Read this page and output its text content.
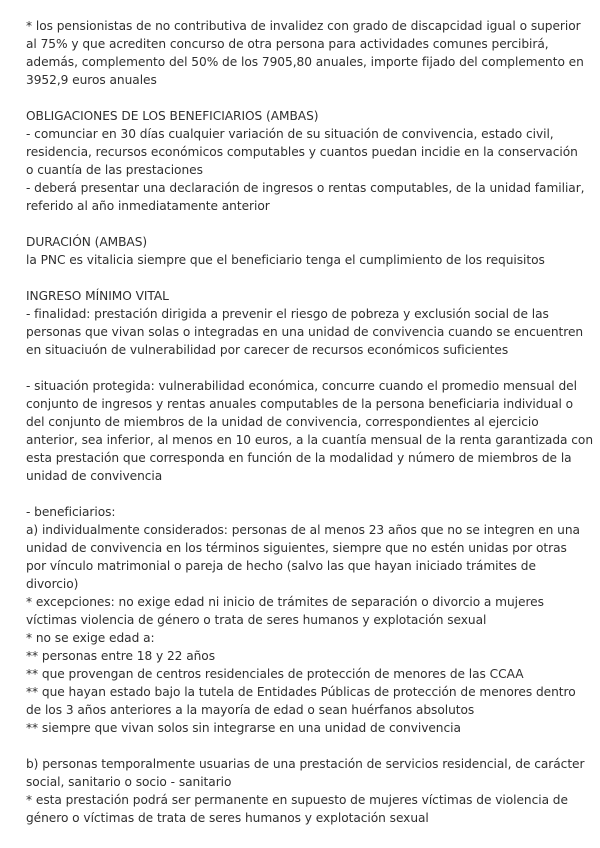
* los pensionistas de no contributiva de invalidez con grado de discapcidad igual o superior
al 75% y que acrediten concurso de otra persona para actividades comunes percibirá,
además, complemento del 50% de los 7905,80 anuales, importe fijado del complemento en
3952,9 euros anuales
OBLIGACIONES DE LOS BENEFICIARIOS (AMBAS)
- comunciar en 30 días cualquier variación de su situación de convivencia, estado civil,
residencia, recursos económicos computables y cuantos puedan incidie en la conservación
o cuantía de las prestaciones
- deberá presentar una declaración de ingresos o rentas computables, de la unidad familiar,
referido al año inmediatamente anterior
DURACIÓN (AMBAS)
la PNC es vitalicia siempre que el beneficiario tenga el cumplimiento de los requisitos
INGRESO MÍNIMO VITAL
- finalidad: prestación dirigida a prevenir el riesgo de pobreza y exclusión social de las
personas que vivan solas o integradas en una unidad de convivencia cuando se encuentren
en situaciuón de vulnerabilidad por carecer de recursos económicos suficientes
- situación protegida: vulnerabilidad económica, concurre cuando el promedio mensual del
conjunto de ingresos y rentas anuales computables de la persona beneficiaria individual o
del conjunto de miembros de la unidad de convivencia, correspondientes al ejercicio
anterior, sea inferior, al menos en 10 euros, a la cuantía mensual de la renta garantizada con
esta prestación que corresponda en función de la modalidad y número de miembros de la
unidad de convivencia
- beneficiarios:
a) individualmente considerados: personas de al menos 23 años que no se integren en una
unidad de convivencia en los términos siguientes, siempre que no estén unidas por otras
por vínculo matrimonial o pareja de hecho (salvo las que hayan iniciado trámites de
divorcio)
* excepciones: no exige edad ni inicio de trámites de separación o divorcio a mujeres
víctimas violencia de género o trata de seres humanos y explotación sexual
* no se exige edad a:
** personas entre 18 y 22 años
** que provengan de centros residenciales de protección de menores de las CCAA
** que hayan estado bajo la tutela de Entidades Públicas de protección de menores dentro
de los 3 años anteriores a la mayoría de edad o sean huérfanos absolutos
** siempre que vivan solos sin integrarse en una unidad de convivencia
b) personas temporalmente usuarias de una prestación de servicios residencial, de carácter
social, sanitario o socio - sanitario
* esta prestación podrá ser permanente en supuesto de mujeres víctimas de violencia de
género o víctimas de trata de seres humanos y explotación sexual
